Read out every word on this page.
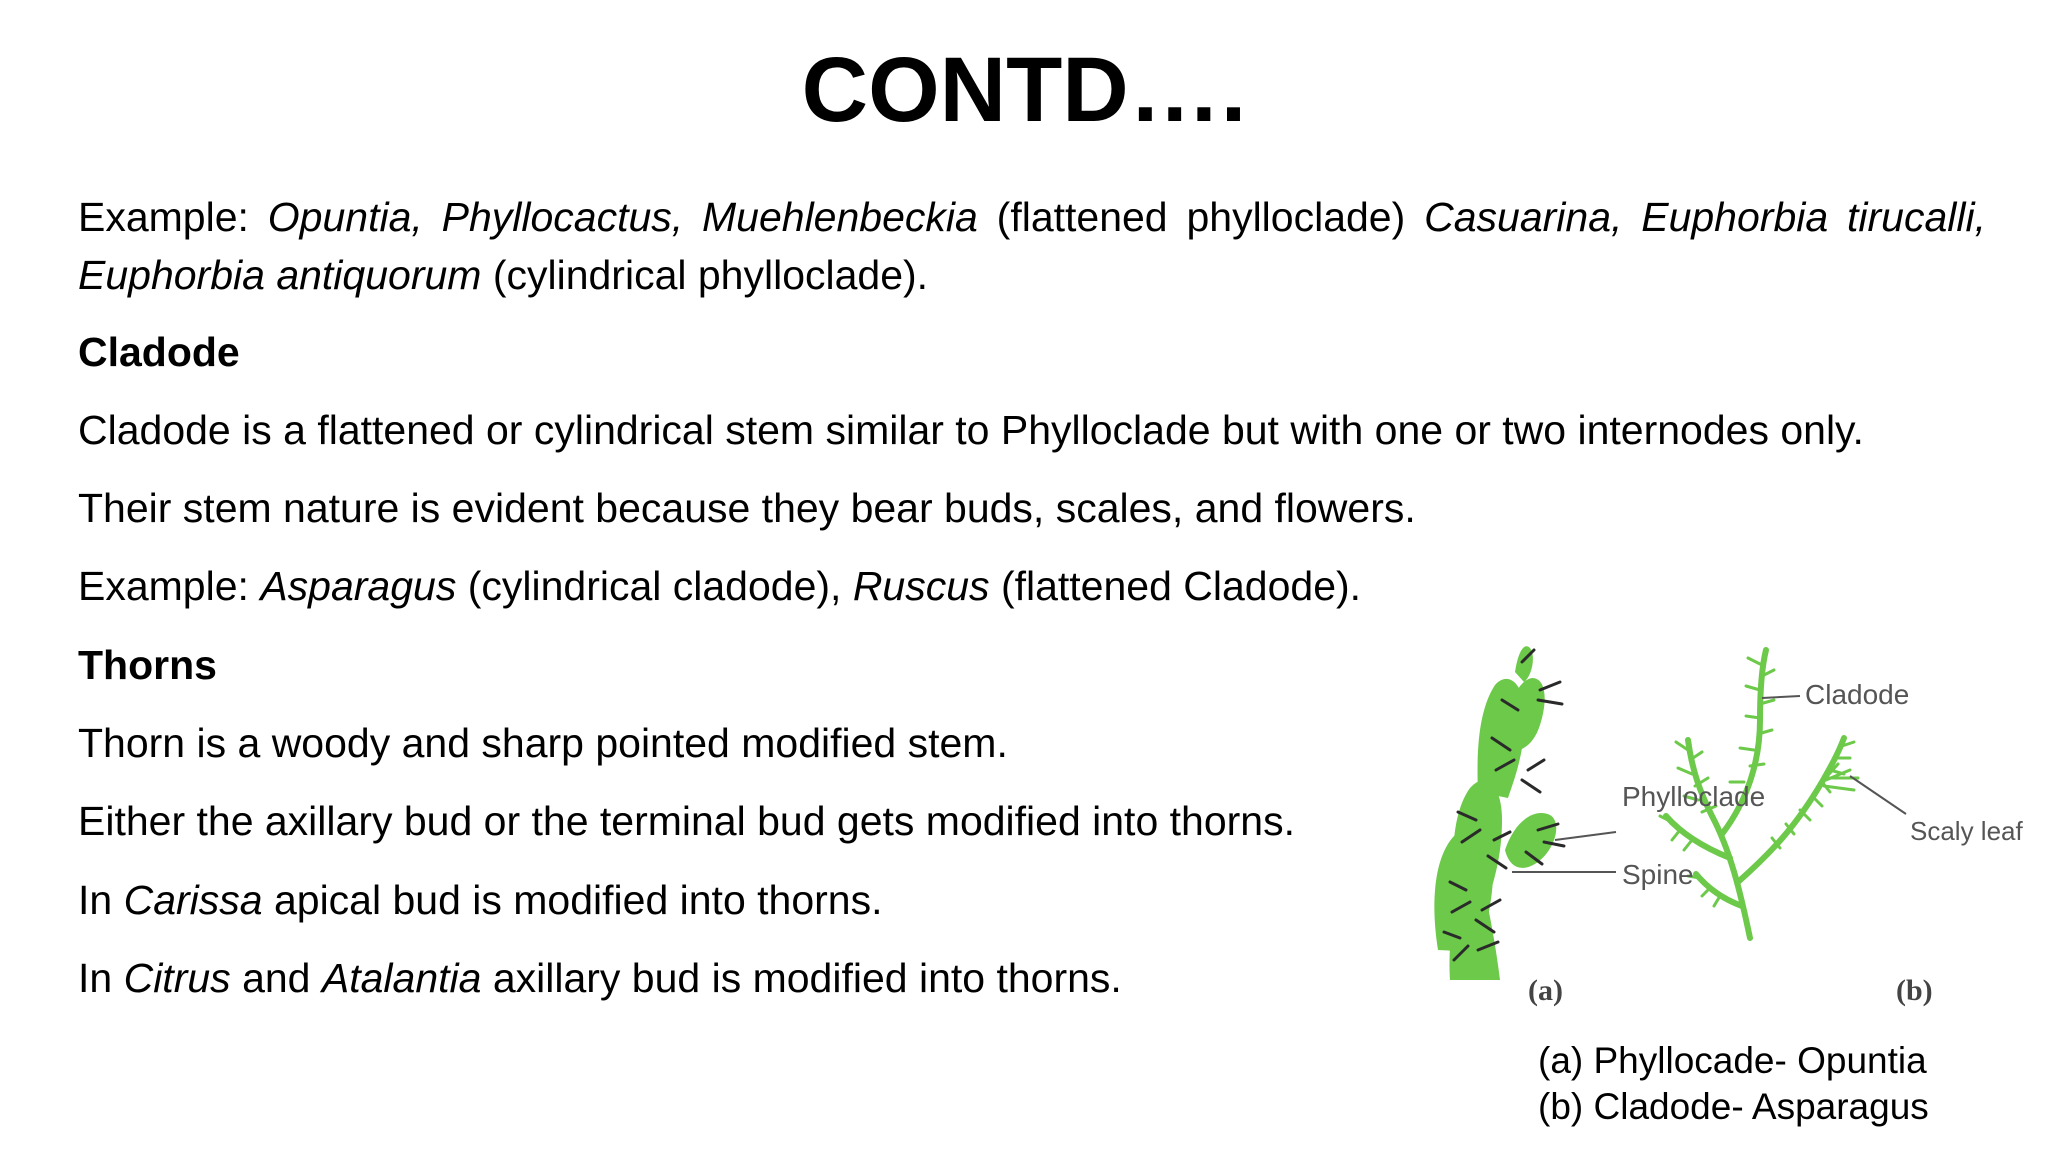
CONTD….

Example: Opuntia, Phyllocactus, Muehlenbeckia (flattened phylloclade) Casuarina, Euphorbia tirucalli, Euphorbia antiquorum (cylindrical phylloclade).

Cladode

Cladode is a flattened or cylindrical stem similar to Phylloclade but with one or two internodes only.

Their stem nature is evident because they bear buds, scales, and flowers.

Example: Asparagus (cylindrical cladode), Ruscus (flattened Cladode).

Thorns

Thorn is a woody and sharp pointed modified stem.

Either the axillary bud or the terminal bud gets modified into thorns.

In Carissa apical bud is modified into thorns.

In Citrus and Atalantia axillary bud is modified into thorns.

Phylloclade
Spine
Cladode
Scaly leaf
(a)	(b)
(a) Phyllocade- Opuntia
(b) Cladode- Asparagus
